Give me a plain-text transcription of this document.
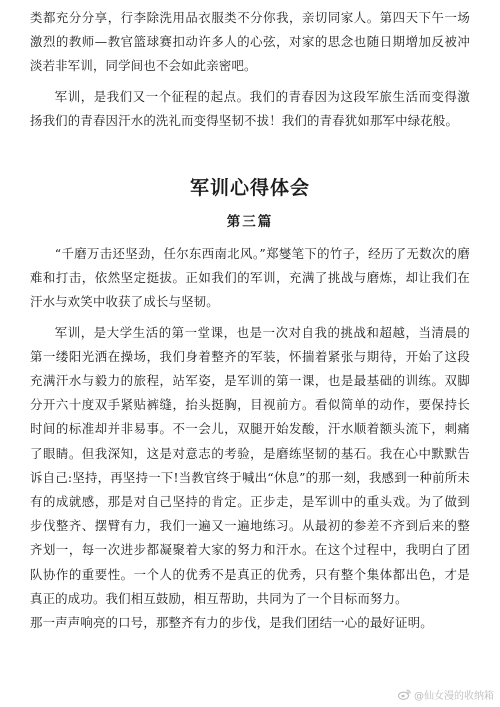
类都充分分享，行李除洗用品衣服类不分你我，亲切同家人。第四天下午一场激烈的教师—教官篮球赛扣动许多人的心弦，对家的思念也随日期增加反被冲淡若非军训，同学间也不会如此亲密吧。

军训，是我们又一个征程的起点。我们的青春因为这段军旅生活而变得激扬我们的青春因汗水的洗礼而变得坚韧不拔！我们的青春犹如那军中绿花般。

军训心得体会
第三篇

“千磨万击还坚劲，任尔东西南北风。”郑燮笔下的竹子，经历了无数次的磨难和打击，依然坚定挺拔。正如我们的军训，充满了挑战与磨炼，却让我们在汗水与欢笑中收获了成长与坚韧。

军训，是大学生活的第一堂课，也是一次对自我的挑战和超越，当清晨的第一缕阳光洒在操场，我们身着整齐的军装，怀揣着紧张与期待，开始了这段充满汗水与毅力的旅程，站军姿，是军训的第一课，也是最基础的训练。双脚分开六十度双手紧贴裤缝，抬头挺胸，目视前方。看似简单的动作，要保持长时间的标准却并非易事。不一会儿，双腿开始发酸，汗水顺着额头流下，刺痛了眼睛。但我深知，这是对意志的考验，是磨练坚韧的基石。我在心中默默告诉自己:坚持，再坚持一下!当教官终于喊出“休息”的那一刻，我感到一种前所未有的成就感，那是对自己坚持的肯定。正步走，是军训中的重头戏。为了做到步伐整齐、摆臂有力，我们一遍又一遍地练习。从最初的参差不齐到后来的整齐划一，每一次进步都凝聚着大家的努力和汗水。在这个过程中，我明白了团队协作的重要性。一个人的优秀不是真正的优秀，只有整个集体都出色，才是真正的成功。我们相互鼓励，相互帮助，共同为了一个目标而努力。

那一声声响亮的口号，那整齐有力的步伐，是我们团结一心的最好证明。

@仙女漫的收纳箱
